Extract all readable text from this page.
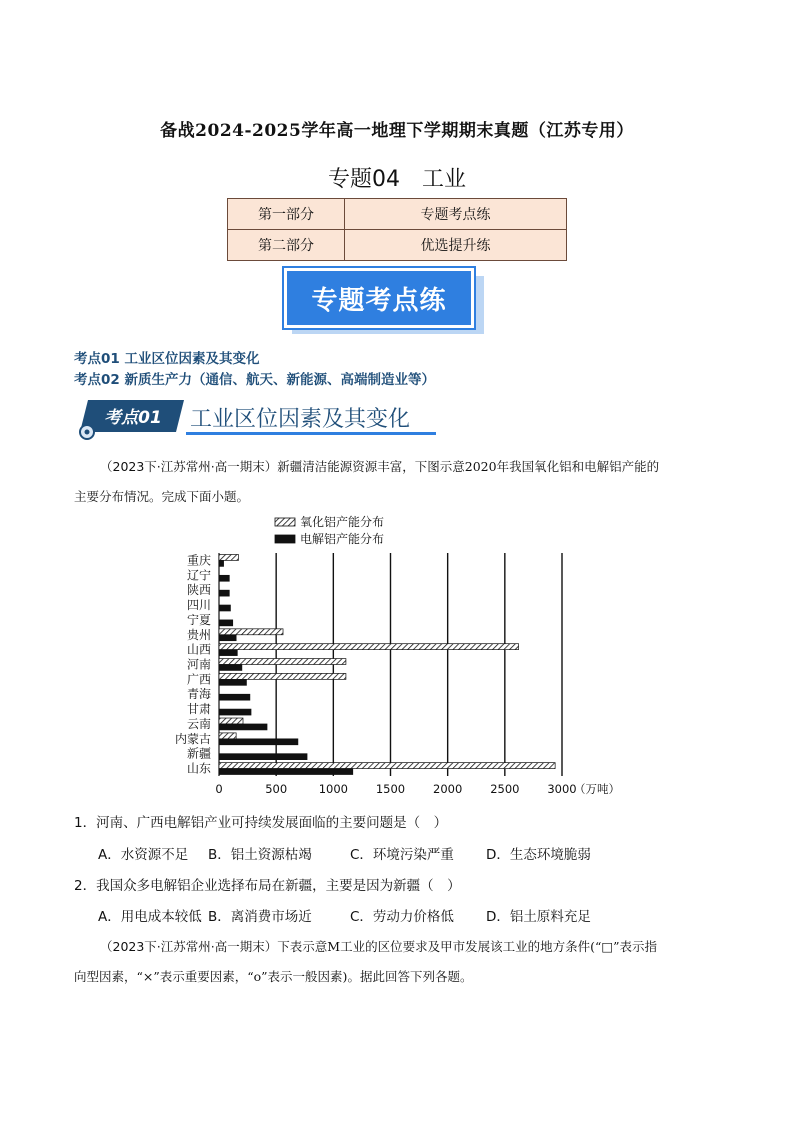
备战2024-2025学年高一地理下学期期末真题（江苏专用）
专题04　工业
第一部分	专题考点练
第二部分	优选提升练
专题考点练
考点01 工业区位因素及其变化
考点02 新质生产力（通信、航天、新能源、高端制造业等）
考点01 工业区位因素及其变化
（2023下·江苏常州·高一期末）新疆清洁能源资源丰富，下图示意2020年我国氧化铝和电解铝产能的
主要分布情况。完成下面小题。
氧化铝产能分布
电解铝产能分布
0	500	1000 1500 2000 2500 3000
（万吨）
重庆
辽宁
陕西
四川
宁夏
贵州
山西
河南
广西
青海
甘肃
云南
内蒙古
新疆
山东
1．河南、广西电解铝产业可持续发展面临的主要问题是（　）
A．水资源不足 B．铝土资源枯竭	C．环境污染严重 D．生态环境脆弱
2．我国众多电解铝企业选择布局在新疆，主要是因为新疆（　）
A．用电成本较低 B．离消费市场近	C．劳动力价格低 D．铝土原料充足
（2023下·江苏常州·高一期末）下表示意M工业的区位要求及甲市发展该工业的地方条件(“□”表示指
向型因素，“×”表示重要因素，“o”表示一般因素)。据此回答下列各题。
